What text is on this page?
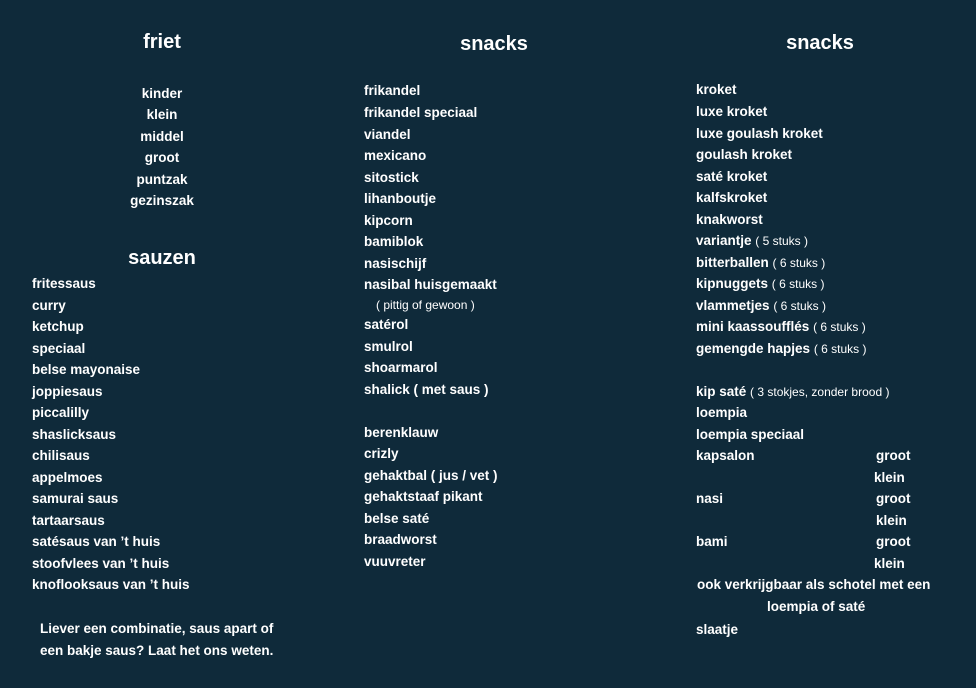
friet
kinder
klein
middel
groot
puntzak
gezinszak
sauzen
fritessaus
curry
ketchup
speciaal
belse mayonaise
joppiesaus
piccalilly
shaslicksaus
chilisaus
appelmoes
samurai saus
tartaarsaus
satésaus van ’t huis
stoofvlees van ’t huis
knoflooksaus van ’t huis
Liever een combinatie, saus apart of
een bakje saus? Laat het ons weten.
snacks
frikandel
frikandel speciaal
viandel
mexicano
sitostick
lihanboutje
kipcorn
bamiblok
nasischijf
nasibal huisgemaakt
( pittig of gewoon )
satérol
smulrol
shoarmarol
shalick ( met saus )
berenklauw
crizly
gehaktbal ( jus / vet )
gehaktstaaf pikant
belse saté
braadworst
vuuvreter
snacks
kroket
luxe kroket
luxe goulash kroket
goulash kroket
saté kroket
kalfskroket
knakworst
variantje ( 5 stuks )
bitterballen ( 6 stuks )
kipnuggets ( 6 stuks )
vlammetjes ( 6 stuks )
mini kaassoufflés ( 6 stuks )
gemengde hapjes ( 6 stuks )
kip saté ( 3 stokjes, zonder brood )
loempia
loempia speciaal
kapsalon	groot
klein
nasi	groot
klein
bami	groot
klein
ook verkrijgbaar als schotel met een
loempia of saté
slaatje
